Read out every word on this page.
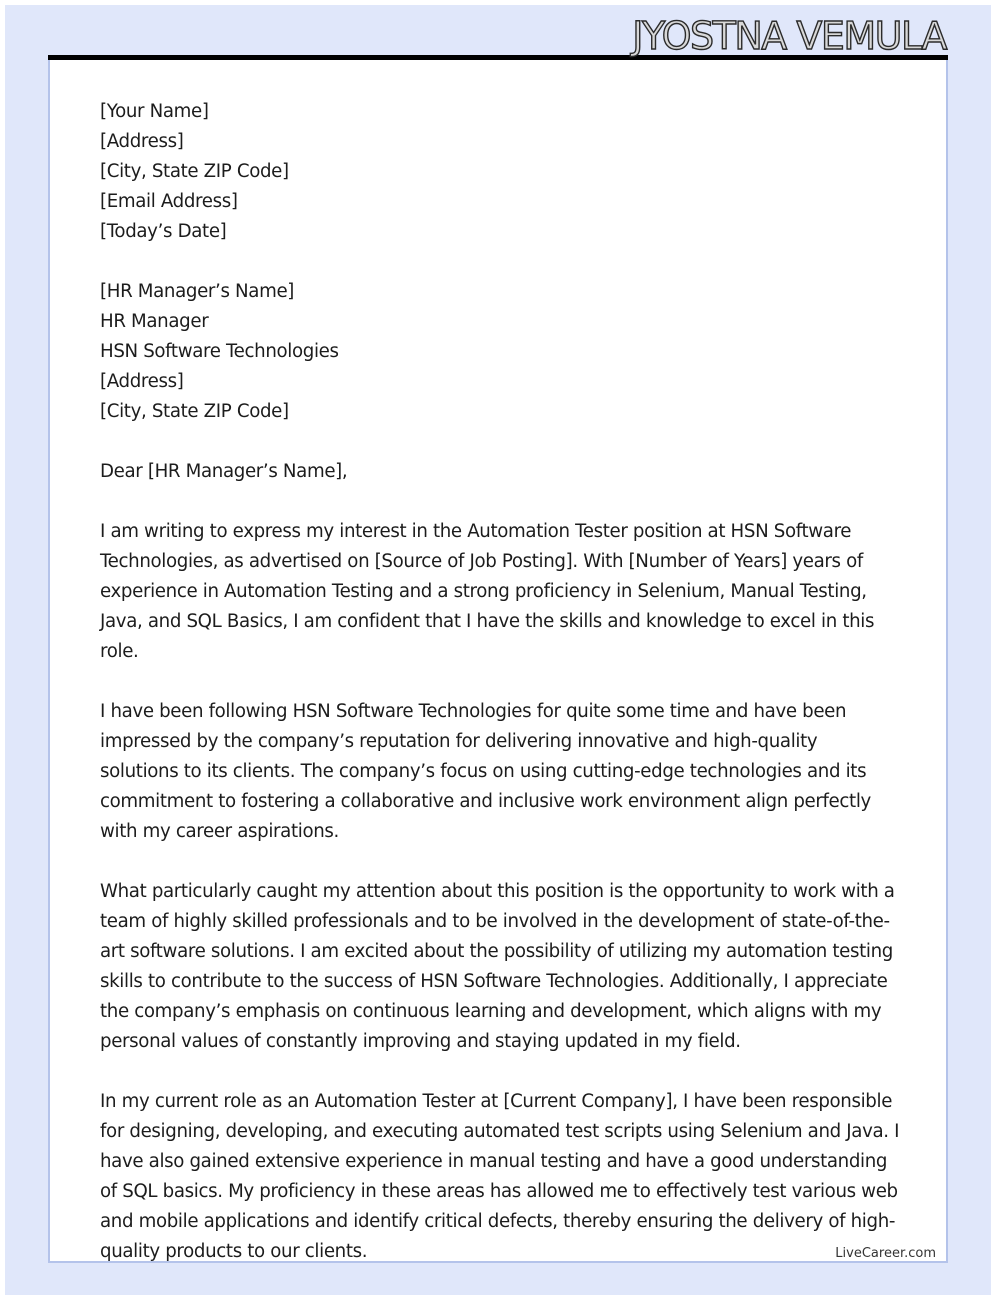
JYOSTNA VEMULA
[Your Name]
[Address]
[City, State ZIP Code]
[Email Address]
[Today’s Date]
[HR Manager’s Name]
HR Manager
HSN Software Technologies
[Address]
[City, State ZIP Code]
Dear [HR Manager’s Name],

I am writing to express my interest in the Automation Tester position at HSN Software Technologies, as advertised on [Source of Job Posting]. With [Number of Years] years of experience in Automation Testing and a strong proficiency in Selenium, Manual Testing, Java, and SQL Basics, I am confident that I have the skills and knowledge to excel in this role.

I have been following HSN Software Technologies for quite some time and have been impressed by the company’s reputation for delivering innovative and high-quality solutions to its clients. The company’s focus on using cutting-edge technologies and its commitment to fostering a collaborative and inclusive work environment align perfectly with my career aspirations.

What particularly caught my attention about this position is the opportunity to work with a team of highly skilled professionals and to be involved in the development of state-of-the-art software solutions. I am excited about the possibility of utilizing my automation testing skills to contribute to the success of HSN Software Technologies. Additionally, I appreciate the company’s emphasis on continuous learning and development, which aligns with my personal values of constantly improving and staying updated in my field.

In my current role as an Automation Tester at [Current Company], I have been responsible for designing, developing, and executing automated test scripts using Selenium and Java. I have also gained extensive experience in manual testing and have a good understanding of SQL basics. My proficiency in these areas has allowed me to effectively test various web and mobile applications and identify critical defects, thereby ensuring the delivery of high-quality products to our clients.	LiveCareer.com
